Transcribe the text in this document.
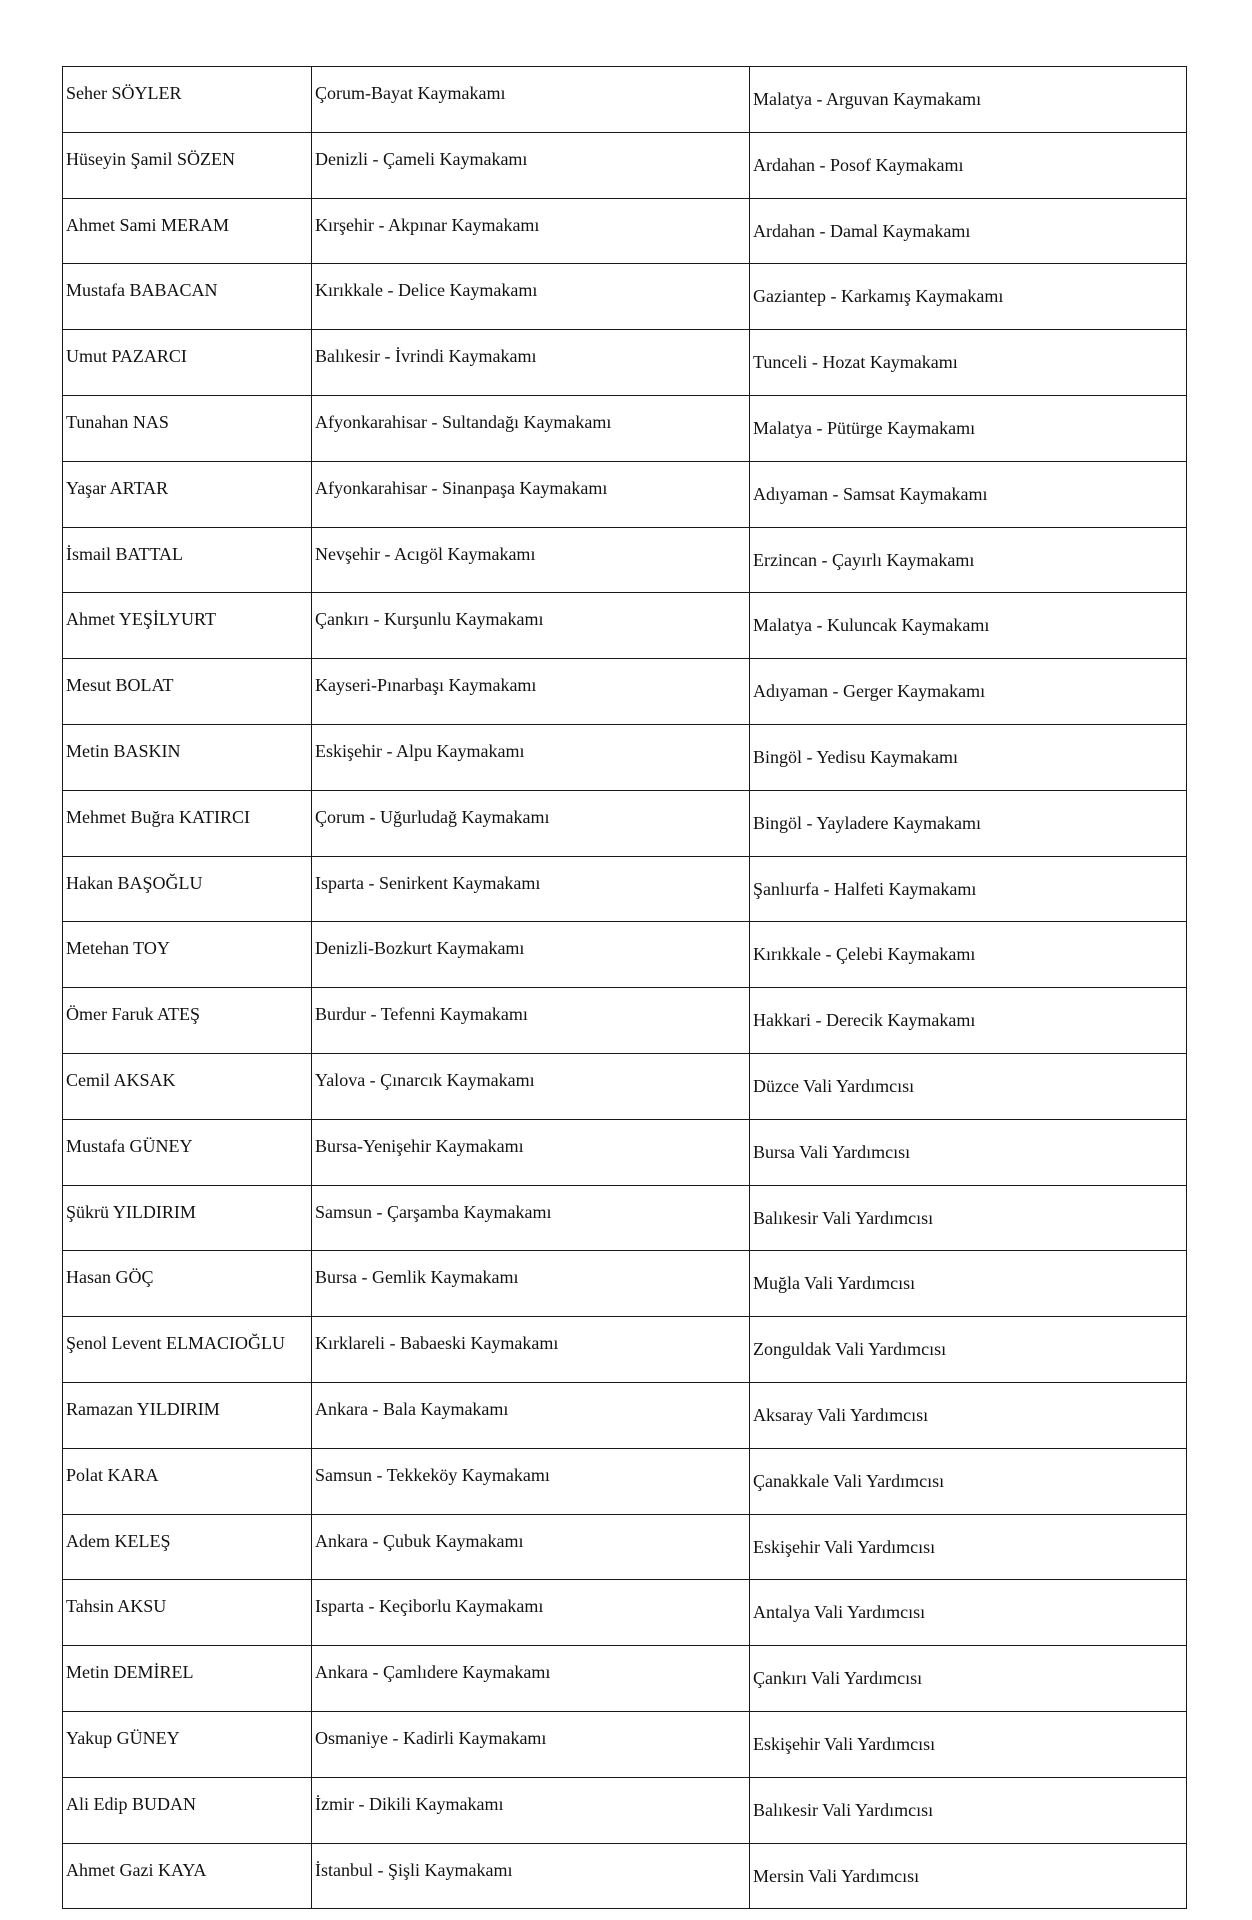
Seher SÖYLER	Çorum-Bayat Kaymakamı	Malatya - Arguvan Kaymakamı

Hüseyin Şamil SÖZEN	Denizli - Çameli Kaymakamı	Ardahan - Posof Kaymakamı

Ahmet Sami MERAM	Kırşehir - Akpınar Kaymakamı	Ardahan - Damal Kaymakamı

Mustafa BABACAN	Kırıkkale - Delice Kaymakamı	Gaziantep - Karkamış Kaymakamı

Umut PAZARCI	Balıkesir - İvrindi Kaymakamı	Tunceli - Hozat Kaymakamı

Tunahan NAS	Afyonkarahisar - Sultandağı Kaymakamı	Malatya - Pütürge Kaymakamı

Yaşar ARTAR	Afyonkarahisar - Sinanpaşa Kaymakamı	Adıyaman - Samsat Kaymakamı

İsmail BATTAL	Nevşehir - Acıgöl Kaymakamı	Erzincan - Çayırlı Kaymakamı

Ahmet YEŞİLYURT	Çankırı - Kurşunlu Kaymakamı	Malatya - Kuluncak Kaymakamı

Mesut BOLAT	Kayseri-Pınarbaşı Kaymakamı	Adıyaman - Gerger Kaymakamı

Metin BASKIN	Eskişehir - Alpu Kaymakamı	Bingöl - Yedisu Kaymakamı

Mehmet Buğra KATIRCI	Çorum - Uğurludağ Kaymakamı	Bingöl - Yayladere Kaymakamı

Hakan BAŞOĞLU	Isparta - Senirkent Kaymakamı	Şanlıurfa - Halfeti Kaymakamı

Metehan TOY	Denizli-Bozkurt Kaymakamı	Kırıkkale - Çelebi Kaymakamı

Ömer Faruk ATEŞ	Burdur - Tefenni Kaymakamı	Hakkari - Derecik Kaymakamı

Cemil AKSAK	Yalova - Çınarcık Kaymakamı	Düzce Vali Yardımcısı

Mustafa GÜNEY	Bursa-Yenişehir Kaymakamı	Bursa Vali Yardımcısı

Şükrü YILDIRIM	Samsun - Çarşamba Kaymakamı	Balıkesir Vali Yardımcısı

Hasan GÖÇ	Bursa - Gemlik Kaymakamı	Muğla Vali Yardımcısı

Şenol Levent ELMACIOĞLU	Kırklareli - Babaeski Kaymakamı	Zonguldak Vali Yardımcısı

Ramazan YILDIRIM	Ankara - Bala Kaymakamı	Aksaray Vali Yardımcısı

Polat KARA	Samsun - Tekkeköy Kaymakamı	Çanakkale Vali Yardımcısı

Adem KELEŞ	Ankara - Çubuk Kaymakamı	Eskişehir Vali Yardımcısı

Tahsin AKSU	Isparta - Keçiborlu Kaymakamı	Antalya Vali Yardımcısı

Metin DEMİREL	Ankara - Çamlıdere Kaymakamı	Çankırı Vali Yardımcısı

Yakup GÜNEY	Osmaniye - Kadirli Kaymakamı	Eskişehir Vali Yardımcısı

Ali Edip BUDAN	İzmir - Dikili Kaymakamı	Balıkesir Vali Yardımcısı

Ahmet Gazi KAYA	İstanbul - Şişli Kaymakamı	Mersin Vali Yardımcısı
